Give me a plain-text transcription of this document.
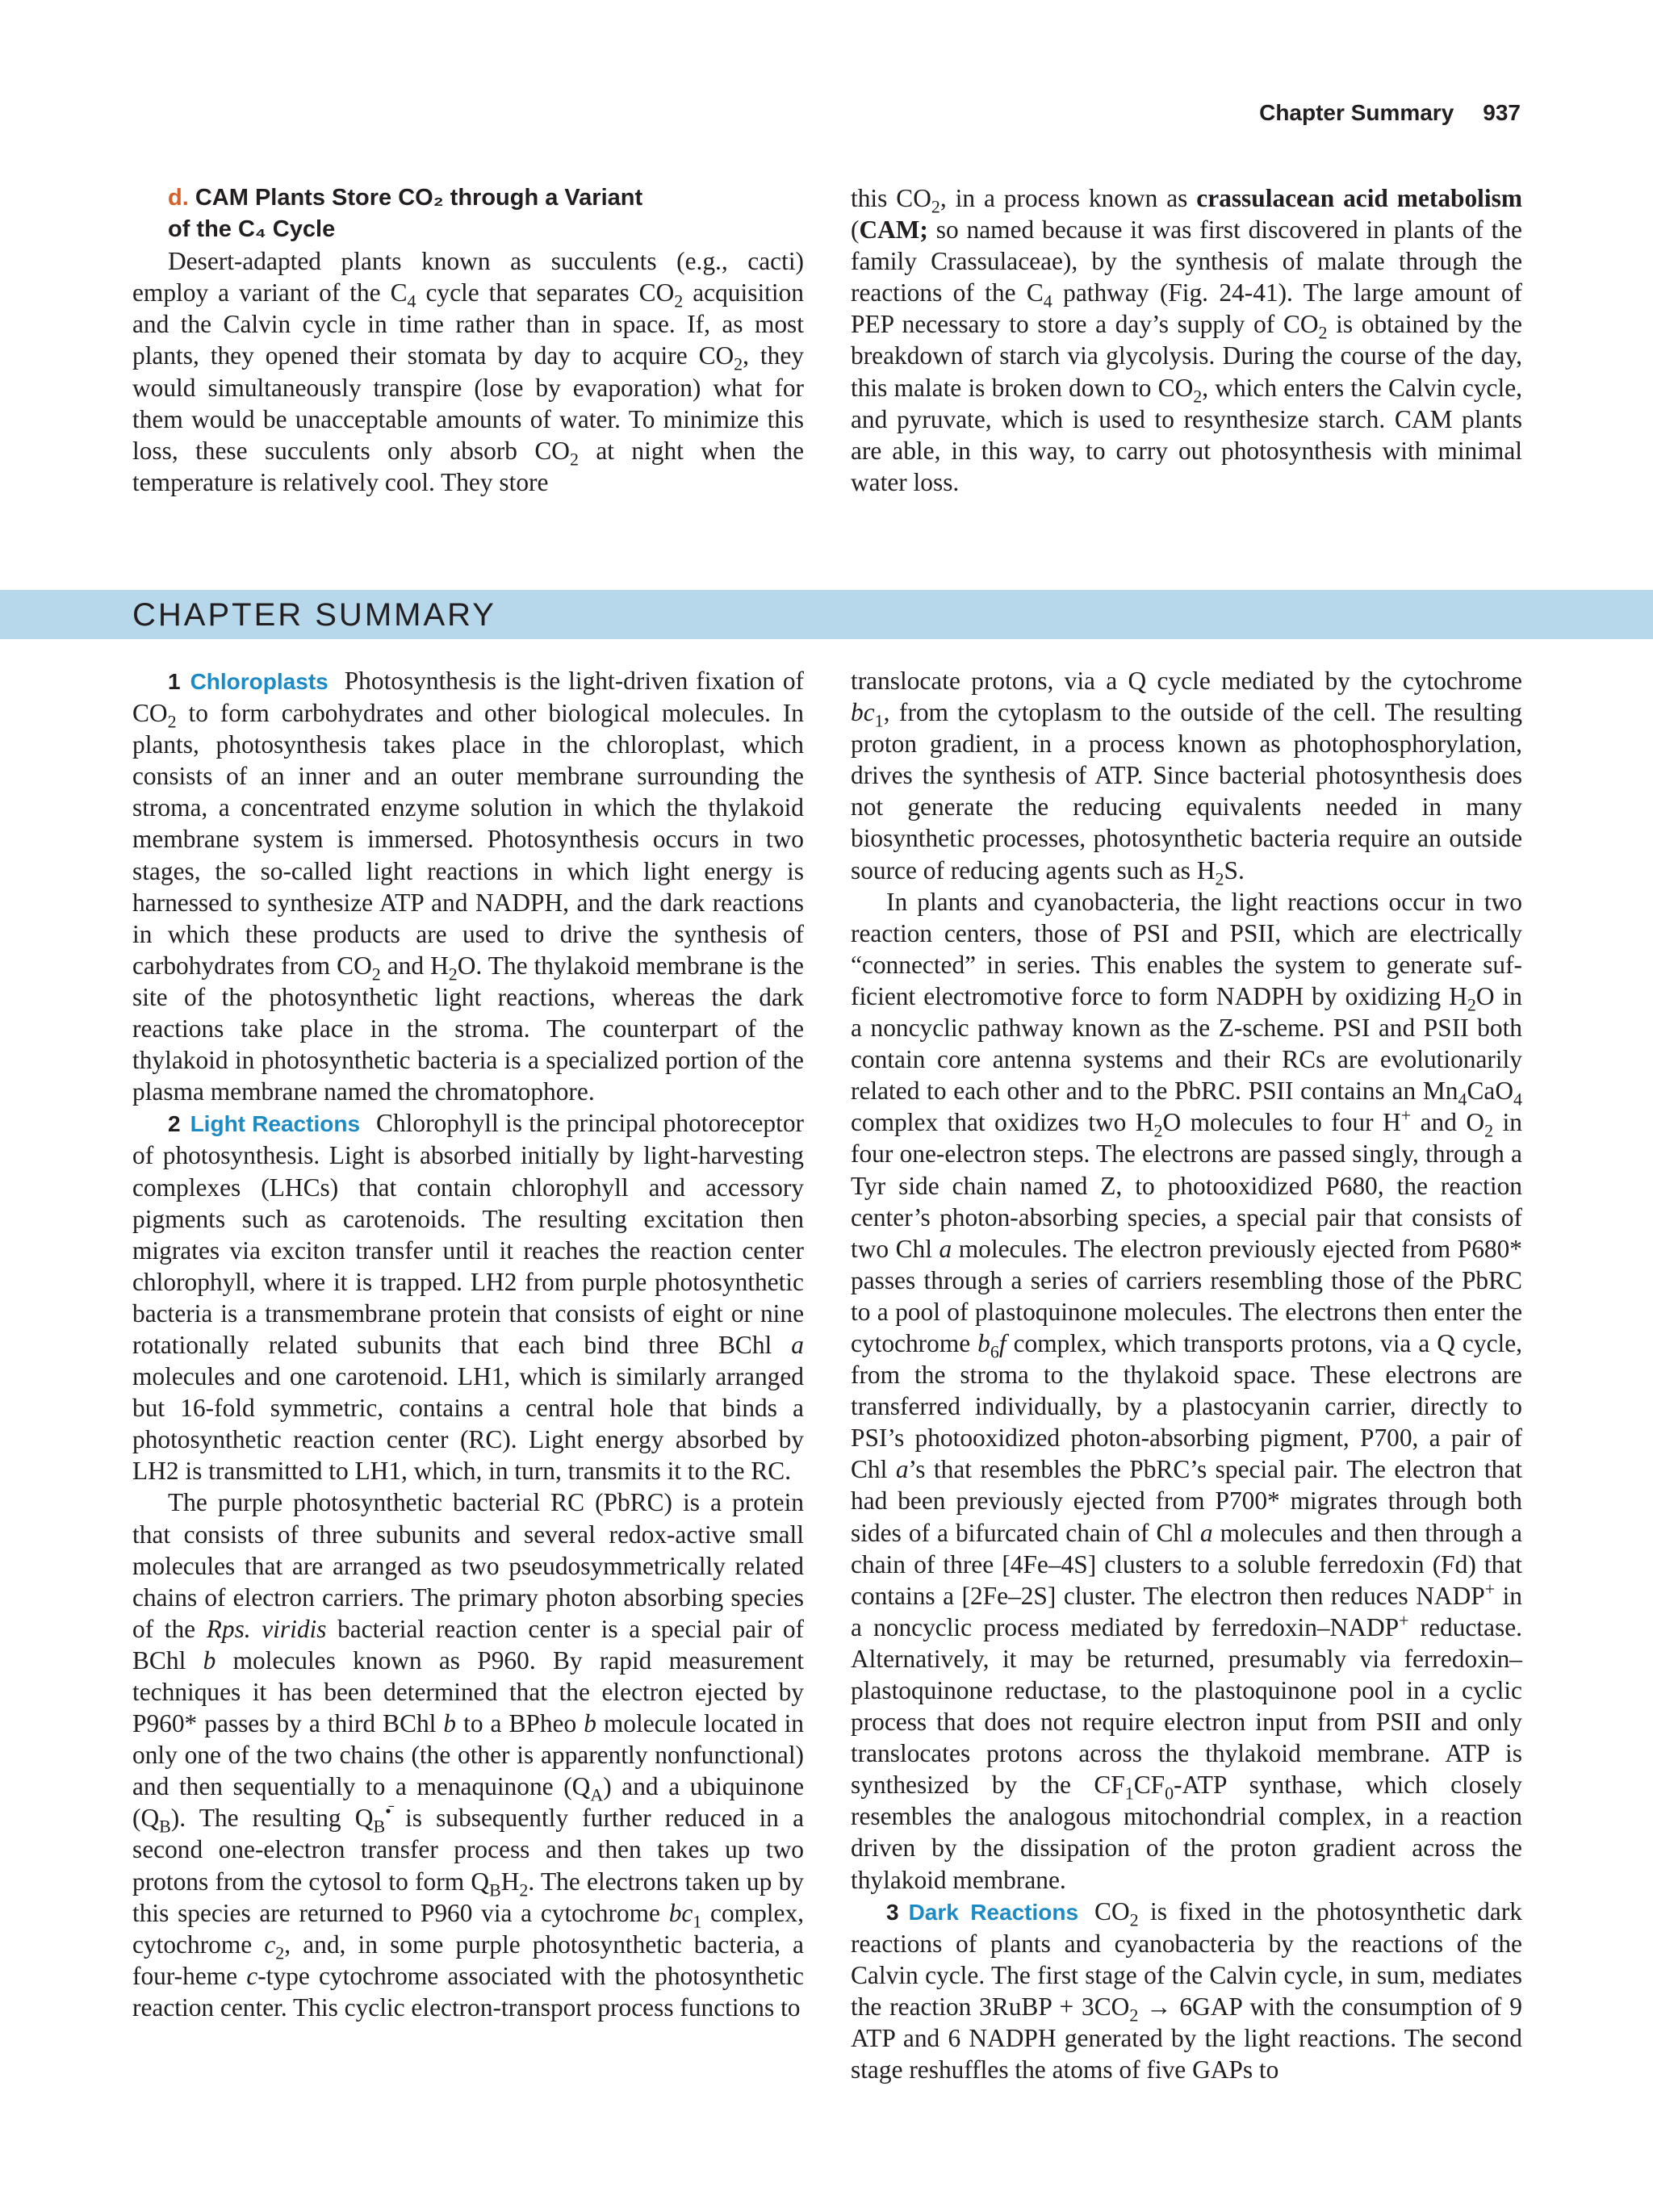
Chapter Summary 937
d. CAM Plants Store CO₂ through a Variant
of the C₄ Cycle

Desert-adapted plants known as succulents (e.g., cacti) employ a variant of the $C_4$ cycle that separates $CO_2$ acquisition and the Calvin cycle in time rather than in space. If, as most plants, they opened their stomata by day to acquire $CO_2$, they would simultaneously transpire (lose by evaporation) what for them would be unacceptable amounts of water. To minimize this loss, these succulents only absorb $CO_2$ at night when the temperature is relatively cool. They store

this $CO_2$, in a process known as crassulacean acid metabolism (CAM; so named because it was first discovered in plants of the family Crassulaceae), by the synthesis of malate through the reactions of the $C_4$ pathway (Fig. 24-41). The large amount of PEP necessary to store a day’s supply of $CO_2$ is obtained by the breakdown of starch via glycolysis. During the course of the day, this malate is broken down to $CO_2$, which enters the Calvin cycle, and pyruvate, which is used to resynthesize starch. CAM plants are able, in this way, to carry out photosynthesis with minimal water loss.

CHAPTER SUMMARY

1 Chloroplasts Photosynthesis is the light-driven fixation of $CO_2$ to form carbohydrates and other biological molecules. In plants, photosynthesis takes place in the chloroplast, which consists of an inner and an outer membrane surrounding the stroma, a concentrated enzyme solution in which the thylakoid membrane system is immersed. Photosynthesis occurs in two stages, the so-called light reactions in which light energy is harnessed to synthesize ATP and NADPH, and the dark reactions in which these products are used to drive the synthesis of carbohydrates from $CO_2$ and $H_2O$. The thylakoid membrane is the site of the photosynthetic light reactions, whereas the dark reactions take place in the stroma. The counterpart of the thylakoid in photosynthetic bacteria is a specialized portion of the plasma membrane named the chromatophore.

2 Light Reactions Chlorophyll is the principal photoreceptor of photosynthesis. Light is absorbed initially by light-harvesting complexes (LHCs) that contain chlorophyll and accessory pigments such as carotenoids. The resulting excitation then migrates via exciton transfer until it reaches the reaction center chlorophyll, where it is trapped. LH2 from purple photosynthetic bacteria is a transmembrane protein that consists of eight or nine rotationally related subunits that each bind three BChl a molecules and one carotenoid. LH1, which is similarly arranged but 16-fold symmetric, contains a central hole that binds a photosynthetic reaction center (RC). Light energy absorbed by LH2 is transmitted to LH1, which, in turn, transmits it to the RC.

The purple photosynthetic bacterial RC (PbRC) is a protein that consists of three subunits and several redox-active small molecules that are arranged as two pseudosymmetrically related chains of electron carriers. The primary photon absorbing species of the Rps. viridis bacterial reaction center is a special pair of BChl b molecules known as P960. By rapid measurement techniques it has been determined that the electron ejected by P960* passes by a third BChl b to a BPheo b molecule located in only one of the two chains (the other is apparently nonfunctional) and then sequentially to a menaquinone $(Q_A)$ and a ubiquinone $(Q_B)$. The resulting $Q_B^{•̄}$ is subsequently further reduced in a second one-electron transfer process and then takes up two protons from the cytosol to form $Q_BH_2$. The electrons taken up by this species are returned to P960 via a cytochrome $bc_1$ complex, cytochrome $c_2$, and, in some purple photosynthetic bacteria, a four-heme c-type cytochrome associated with the photosynthetic reaction center. This cyclic electron-transport process functions to

translocate protons, via a Q cycle mediated by the cytochrome $bc_1$, from the cytoplasm to the outside of the cell. The resulting proton gradient, in a process known as photophosphorylation, drives the synthesis of ATP. Since bacterial photosynthesis does not generate the reducing equivalents needed in many biosynthetic processes, photosynthetic bacteria require an outside source of reducing agents such as $H_2S$.

In plants and cyanobacteria, the light reactions occur in two reaction centers, those of PSI and PSII, which are electrically “connected” in series. This enables the system to generate sufficient electromotive force to form NADPH by oxidizing $H_2O$ in a noncyclic pathway known as the Z-scheme. PSI and PSII both contain core antenna systems and their RCs are evolutionarily related to each other and to the PbRC. PSII contains an $Mn_4CaO_4$ complex that oxidizes two $H_2O$ molecules to four H+ and $O_2$ in four one-electron steps. The electrons are passed singly, through a Tyr side chain named Z, to photooxidized P680, the reaction center’s photon-absorbing species, a special pair that consists of two Chl a molecules. The electron previously ejected from P680* passes through a series of carriers resembling those of the PbRC to a pool of plastoquinone molecules. The electrons then enter the cytochrome $b_6f$ complex, which transports protons, via a Q cycle, from the stroma to the thylakoid space. These electrons are transferred individually, by a plastocyanin carrier, directly to PSI’s photooxidized photon-absorbing pigment, P700, a pair of Chl a’s that resembles the PbRC’s special pair. The electron that had been previously ejected from P700* migrates through both sides of a bifurcated chain of Chl a molecules and then through a chain of three [4Fe–4S] clusters to a soluble ferredoxin (Fd) that contains a [2Fe–2S] cluster. The electron then reduces NADP+ in a noncyclic process mediated by ferredoxin–NADP+ reductase. Alternatively, it may be returned, presumably via ferredoxin–plastoquinone reductase, to the plastoquinone pool in a cyclic process that does not require electron input from PSII and only translocates protons across the thylakoid membrane. ATP is synthesized by the $CF_1CF_0$-ATP synthase, which closely resembles the analogous mitochondrial complex, in a reaction driven by the dissipation of the proton gradient across the thylakoid membrane.

3 Dark Reactions $CO_2$ is fixed in the photosynthetic dark reactions of plants and cyanobacteria by the reactions of the Calvin cycle. The first stage of the Calvin cycle, in sum, mediates the reaction 3RuBP + $3CO_2 \to 6GAP$ with the consumption of 9 ATP and 6 NADPH generated by the light reactions. The second stage reshuffles the atoms of five GAPs to
